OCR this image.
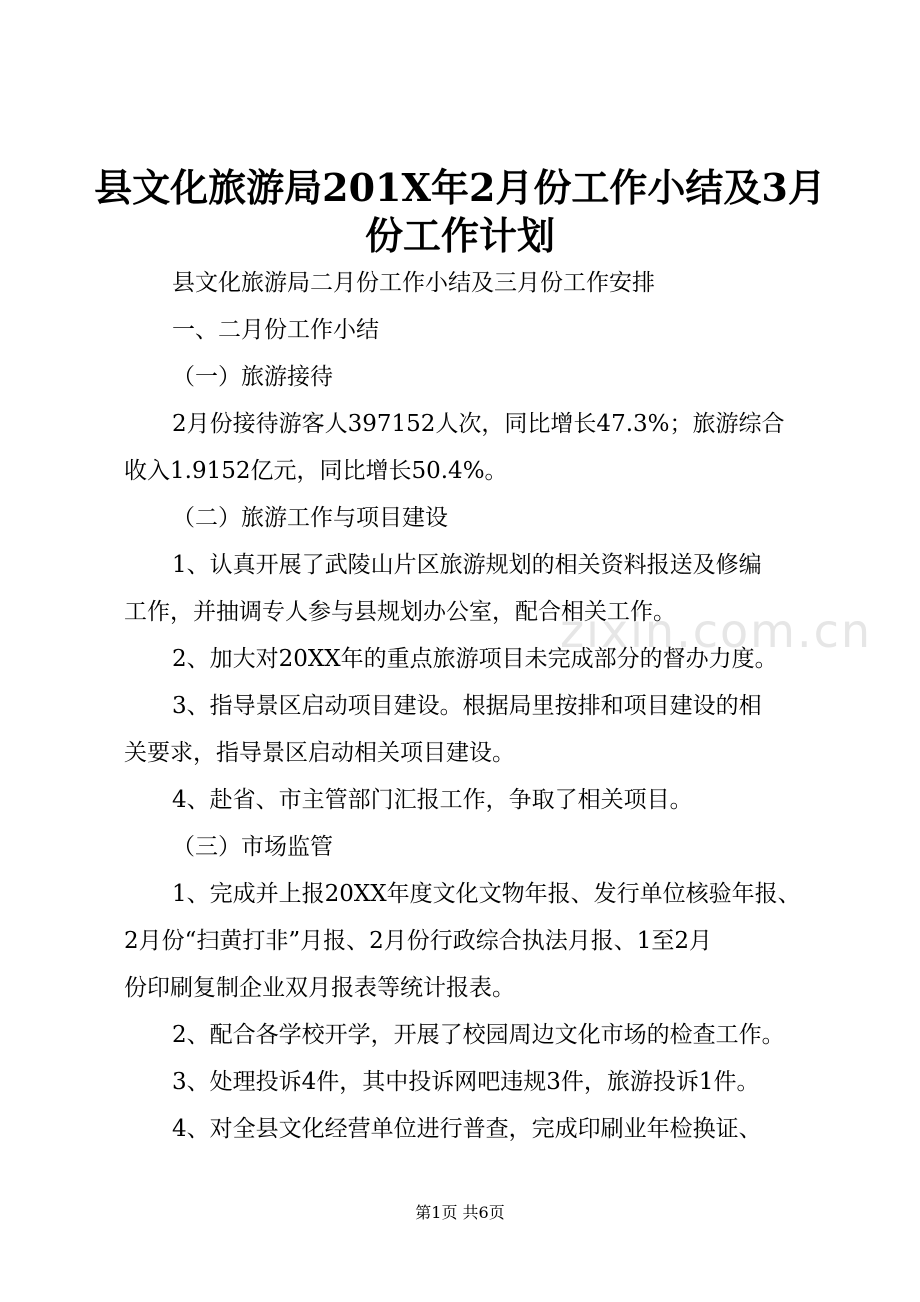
zixin.com.cn
县文化旅游局201X年2月份工作小结及3月
份工作计划

县文化旅游局二月份工作小结及三月份工作安排

一、二月份工作小结

（一）旅游接待

2月份接待游客人397152人次，同比增长47.3%；旅游综合

收入1.9152亿元，同比增长50.4%。

（二）旅游工作与项目建设

1、认真开展了武陵山片区旅游规划的相关资料报送及修编

工作，并抽调专人参与县规划办公室，配合相关工作。

2、加大对20XX年的重点旅游项目未完成部分的督办力度。

3、指导景区启动项目建设。根据局里按排和项目建设的相

关要求，指导景区启动相关项目建设。

4、赴省、市主管部门汇报工作，争取了相关项目。

（三）市场监管

1、完成并上报20XX年度文化文物年报、发行单位核验年报、

2月份“扫黄打非”月报、2月份行政综合执法月报、1至2月

份印刷复制企业双月报表等统计报表。

2、配合各学校开学，开展了校园周边文化市场的检查工作。

3、处理投诉4件，其中投诉网吧违规3件，旅游投诉1件。

4、对全县文化经营单位进行普查，完成印刷业年检换证、

第1页 共6页
